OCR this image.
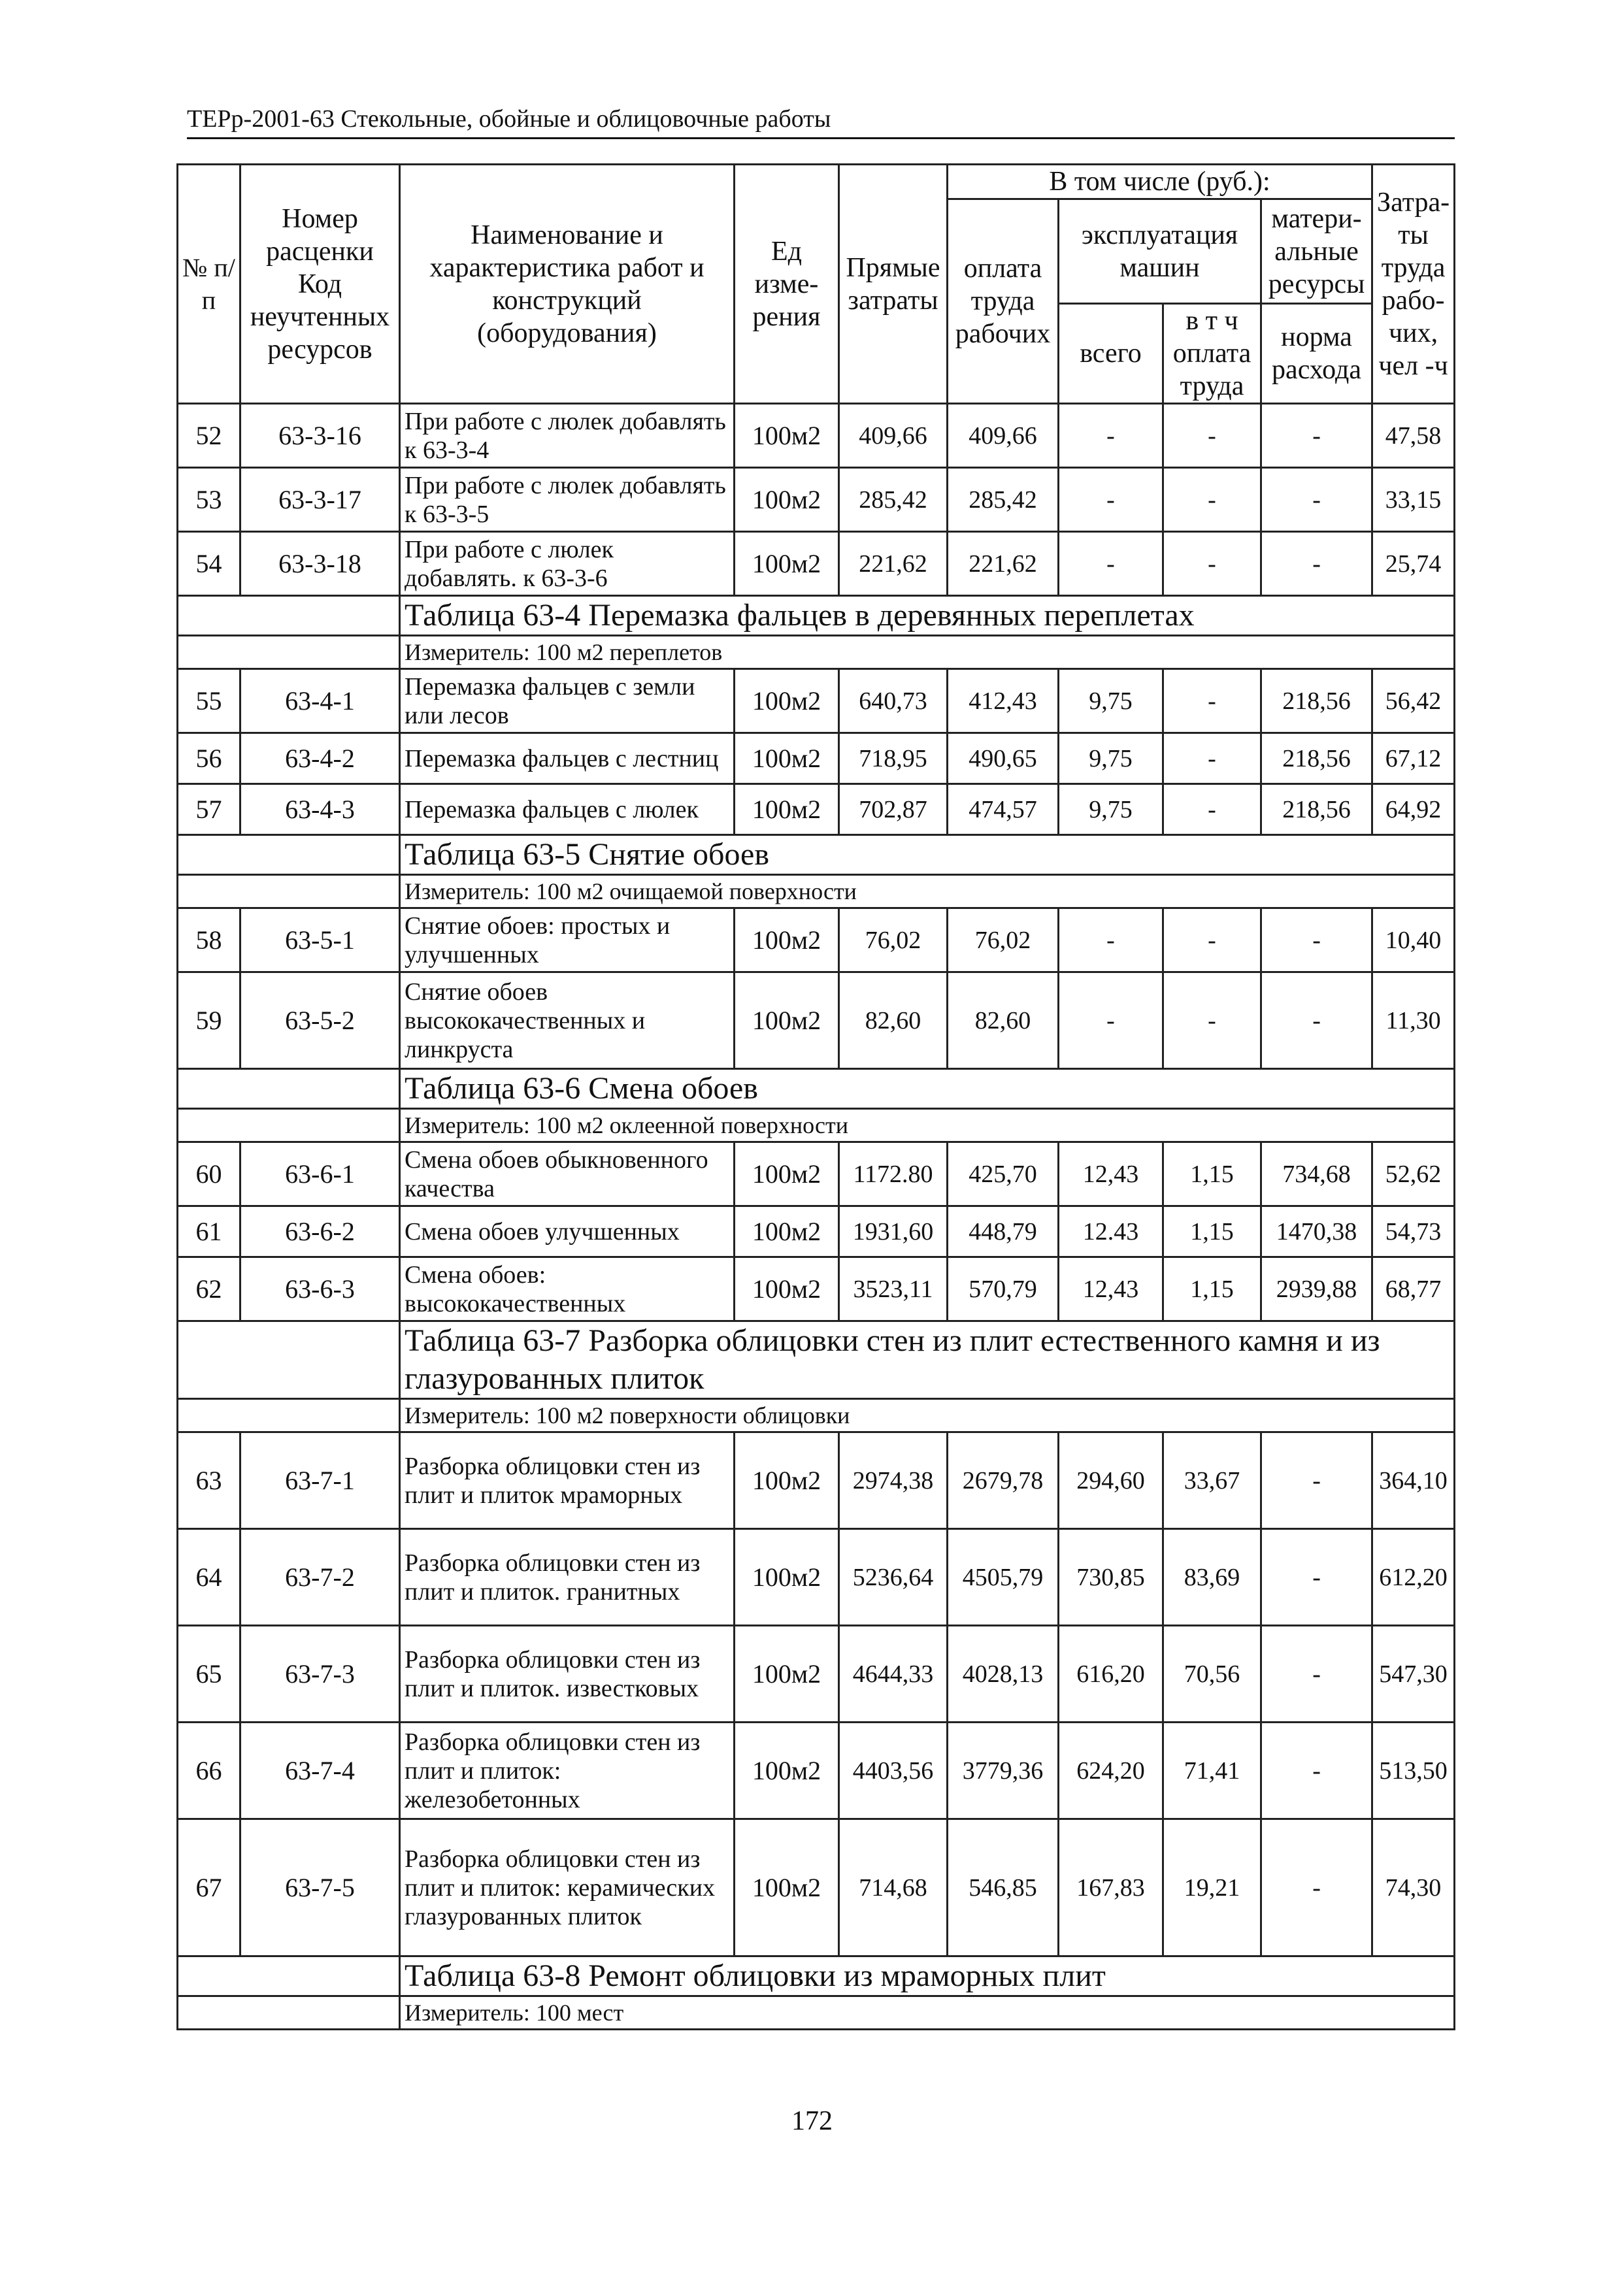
ТЕРр-2001-63 Стекольные, обойные и облицовочные работы
№ п/п	Номер расценки Код неучтенных ресурсов	Наименование и характеристика работ и конструкций (оборудования)	Ед изме-рения	Прямые затраты	В том числе (руб.):				Затра-ты труда рабо-чих, чел -ч
					оплата труда рабочих	эксплуатация машин		матери-альные ресурсы	
						всего	в т ч оплата труда	норма расхода	
52	63-3-16	При работе с люлек добавлять к 63-3-4	100м2	409,66	409,66	-	-	-	47,58
53	63-3-17	При работе с люлек добавлять к 63-3-5	100м2	285,42	285,42	-	-	-	33,15
54	63-3-18	При работе с люлек добавлять. к 63-3-6	100м2	221,62	221,62	-	-	-	25,74
		Таблица 63-4 Перемазка фальцев в деревянных переплетах							
		Измеритель: 100 м2 переплетов							
55	63-4-1	Перемазка фальцев с земли или лесов	100м2	640,73	412,43	9,75	-	218,56	56,42
56	63-4-2	Перемазка фальцев с лестниц	100м2	718,95	490,65	9,75	-	218,56	67,12
57	63-4-3	Перемазка фальцев с люлек	100м2	702,87	474,57	9,75	-	218,56	64,92
		Таблица 63-5 Снятие обоев							
		Измеритель: 100 м2 очищаемой поверхности							
58	63-5-1	Снятие обоев: простых и улучшенных	100м2	76,02	76,02	-	-	-	10,40
59	63-5-2	Снятие обоев высококачественных и линкруста	100м2	82,60	82,60	-	-	-	11,30
		Таблица 63-6 Смена обоев							
		Измеритель: 100 м2 оклеенной поверхности							
60	63-6-1	Смена обоев обыкновенного качества	100м2	1172.80	425,70	12,43	1,15	734,68	52,62
61	63-6-2	Смена обоев улучшенных	100м2	1931,60	448,79	12.43	1,15	1470,38	54,73
62	63-6-3	Смена обоев: высококачественных	100м2	3523,11	570,79	12,43	1,15	2939,88	68,77
		Таблица 63-7 Разборка облицовки стен из плит естественного камня и из глазурованных плиток							
		Измеритель: 100 м2 поверхности облицовки							
63	63-7-1	Разборка облицовки стен из плит и плиток мраморных	100м2	2974,38	2679,78	294,60	33,67	-	364,10
64	63-7-2	Разборка облицовки стен из плит и плиток. гранитных	100м2	5236,64	4505,79	730,85	83,69	-	612,20
65	63-7-3	Разборка облицовки стен из плит и плиток. известковых	100м2	4644,33	4028,13	616,20	70,56	-	547,30
66	63-7-4	Разборка облицовки стен из плит и плиток: железобетонных	100м2	4403,56	3779,36	624,20	71,41	-	513,50
67	63-7-5	Разборка облицовки стен из плит и плиток: керамических глазурованных плиток	100м2	714,68	546,85	167,83	19,21	-	74,30
		Таблица 63-8 Ремонт облицовки из мраморных плит							
		Измеритель: 100 мест							
172
